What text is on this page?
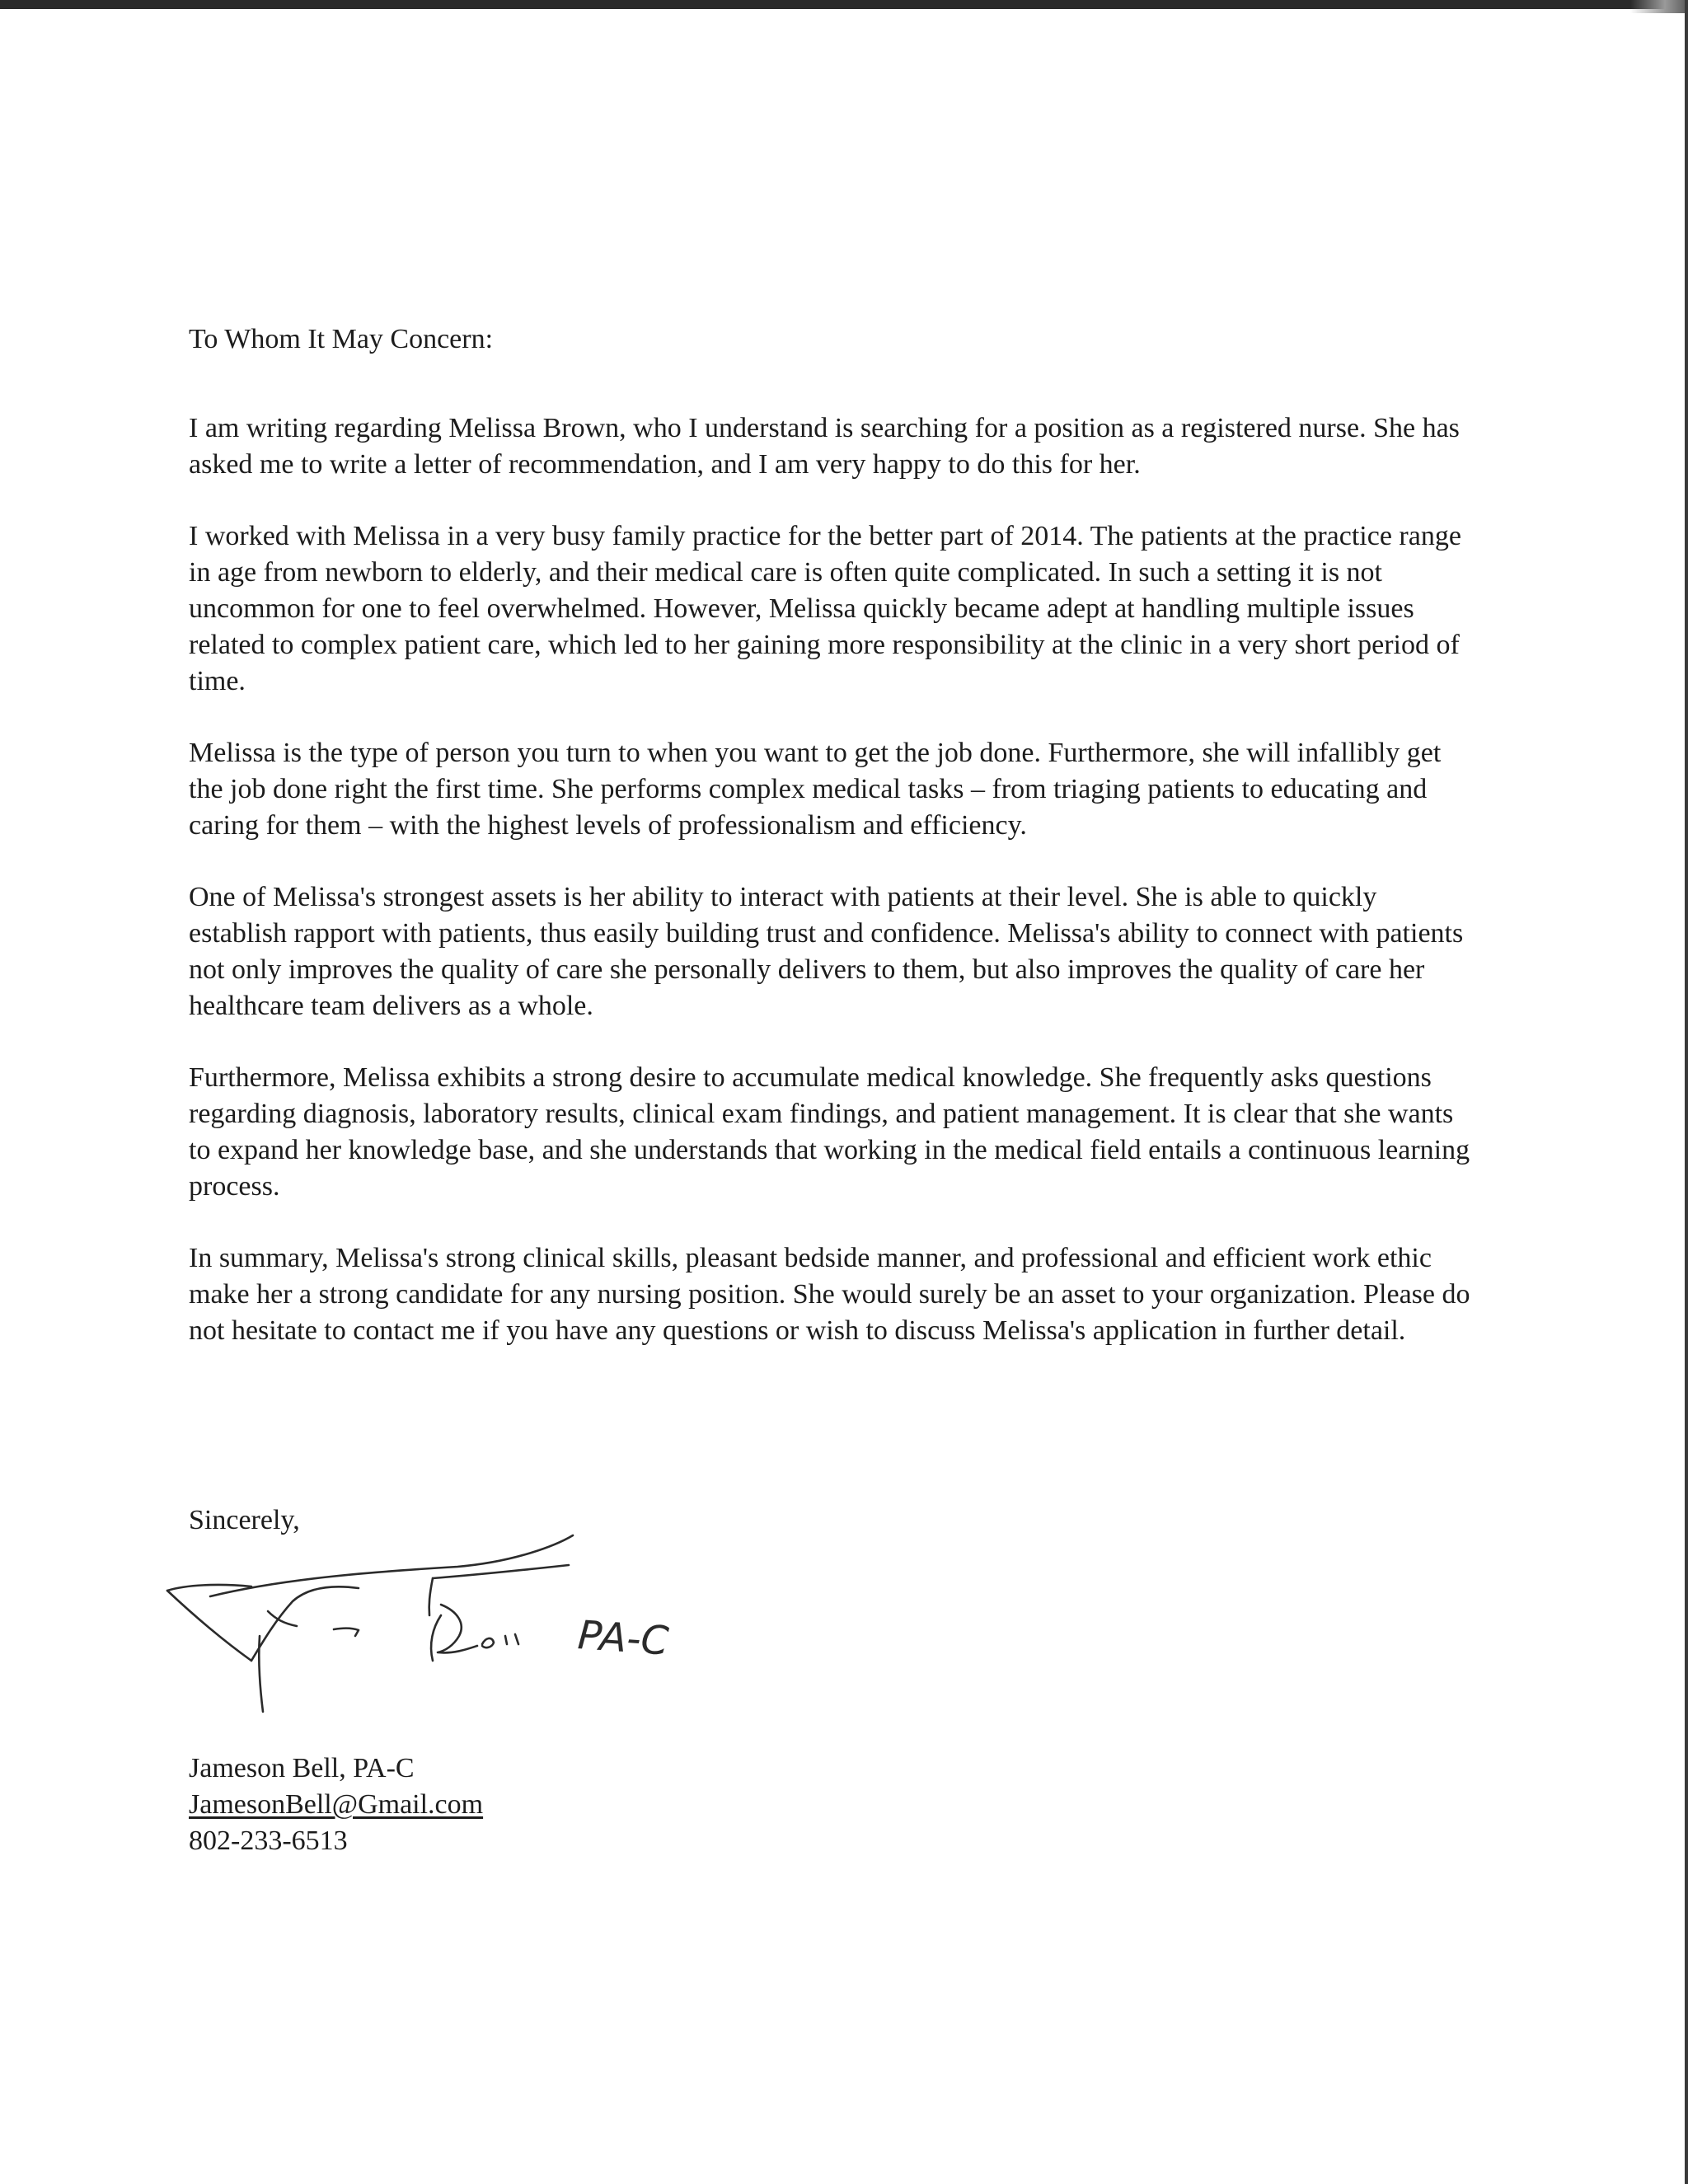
To Whom It May Concern:

I am writing regarding Melissa Brown, who I understand is searching for a position as a registered nurse. She has asked me to write a letter of recommendation, and I am very happy to do this for her.

I worked with Melissa in a very busy family practice for the better part of 2014. The patients at the practice range in age from newborn to elderly, and their medical care is often quite complicated. In such a setting it is not uncommon for one to feel overwhelmed. However, Melissa quickly became adept at handling multiple issues related to complex patient care, which led to her gaining more responsibility at the clinic in a very short period of time.

Melissa is the type of person you turn to when you want to get the job done. Furthermore, she will infallibly get the job done right the first time. She performs complex medical tasks – from triaging patients to educating and caring for them – with the highest levels of professionalism and efficiency.

One of Melissa's strongest assets is her ability to interact with patients at their level. She is able to quickly establish rapport with patients, thus easily building trust and confidence. Melissa's ability to connect with patients not only improves the quality of care she personally delivers to them, but also improves the quality of care her healthcare team delivers as a whole.

Furthermore, Melissa exhibits a strong desire to accumulate medical knowledge. She frequently asks questions regarding diagnosis, laboratory results, clinical exam findings, and patient management. It is clear that she wants to expand her knowledge base, and she understands that working in the medical field entails a continuous learning process.

In summary, Melissa's strong clinical skills, pleasant bedside manner, and professional and efficient work ethic make her a strong candidate for any nursing position. She would surely be an asset to your organization. Please do not hesitate to contact me if you have any questions or wish to discuss Melissa's application in further detail.

Sincerely,
PA-C
Jameson Bell, PA-C
JamesonBell@Gmail.com
802-233-6513
